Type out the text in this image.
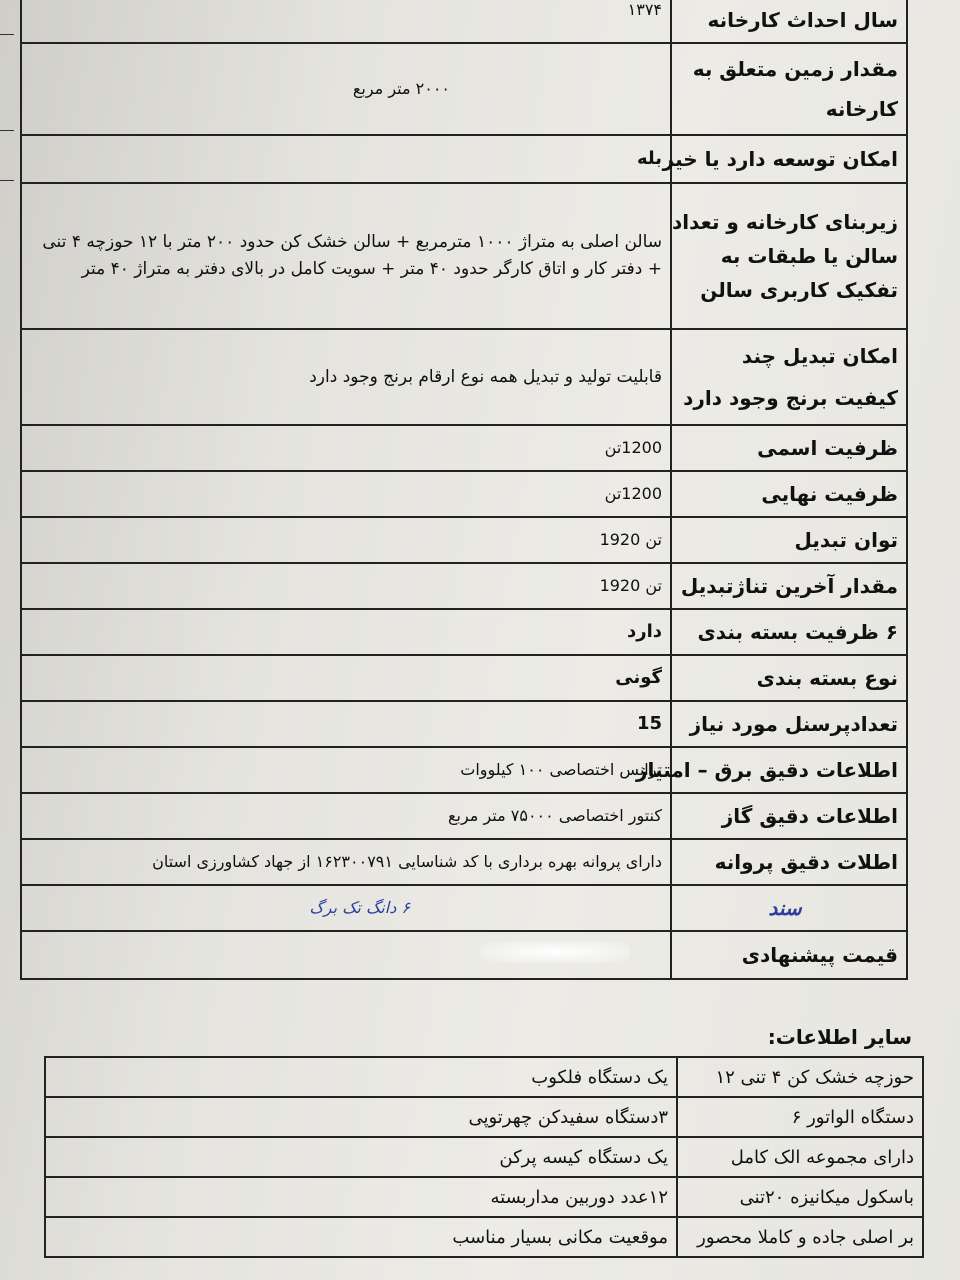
سال احداث کارخانه	۱۳۷۴
مقدار زمین متعلق به کارخانه	۲۰۰۰ متر مربع
امکان توسعه دارد یا خیر	بله
زیربنای کارخانه و تعداد سالن یا طبقات به تفکیک کاربری سالن	سالن اصلی به متراژ ۱۰۰۰ مترمربع + سالن خشک کن حدود ۲۰۰ متر با ۱۲ حوزچه ۴ تنی + دفتر کار و اتاق کارگر حدود ۴۰ متر + سویت کامل در بالای دفتر به متراژ ۴۰ متر
امکان تبدیل چند کیفیت برنج وجود دارد	قابلیت تولید و تبدیل همه نوع ارقام برنج وجود دارد
ظرفیت اسمی	1200تن
ظرفیت نهایی	1200تن
توان تبدیل	تن 1920
مقدار آخرین تناژتبدیل	تن 1920
۶ ظرفیت بسته بندی	دارد
نوع بسته بندی	گونی
تعدادپرسنل مورد نیاز	15
اطلاعات دقیق برق – امتیاز	ترانس اختصاصی ۱۰۰ کیلووات
اطلاعات دقیق گاز	کنتور اختصاصی ۷۵۰۰۰ متر مربع
اطلات دقیق پروانه	دارای پروانه بهره برداری با کد شناسایی ۱۶۲۳۰۰۷۹۱ از جهاد کشاورزی استان
سند	۶ دانگ تک برگ
قیمت پیشنهادی	
سایر اطلاعات:
حوزچه خشک کن ۴ تنی ۱۲	یک دستگاه فلکوب
دستگاه الواتور ۶	۳دستگاه سفیدکن چهرتوپی
دارای مجموعه الک کامل	یک دستگاه کیسه پرکن
باسکول میکانیزه ۲۰تنی	۱۲عدد دوربین مداربسته
بر اصلی جاده و کاملا محصور	موقعیت مکانی بسیار مناسب
